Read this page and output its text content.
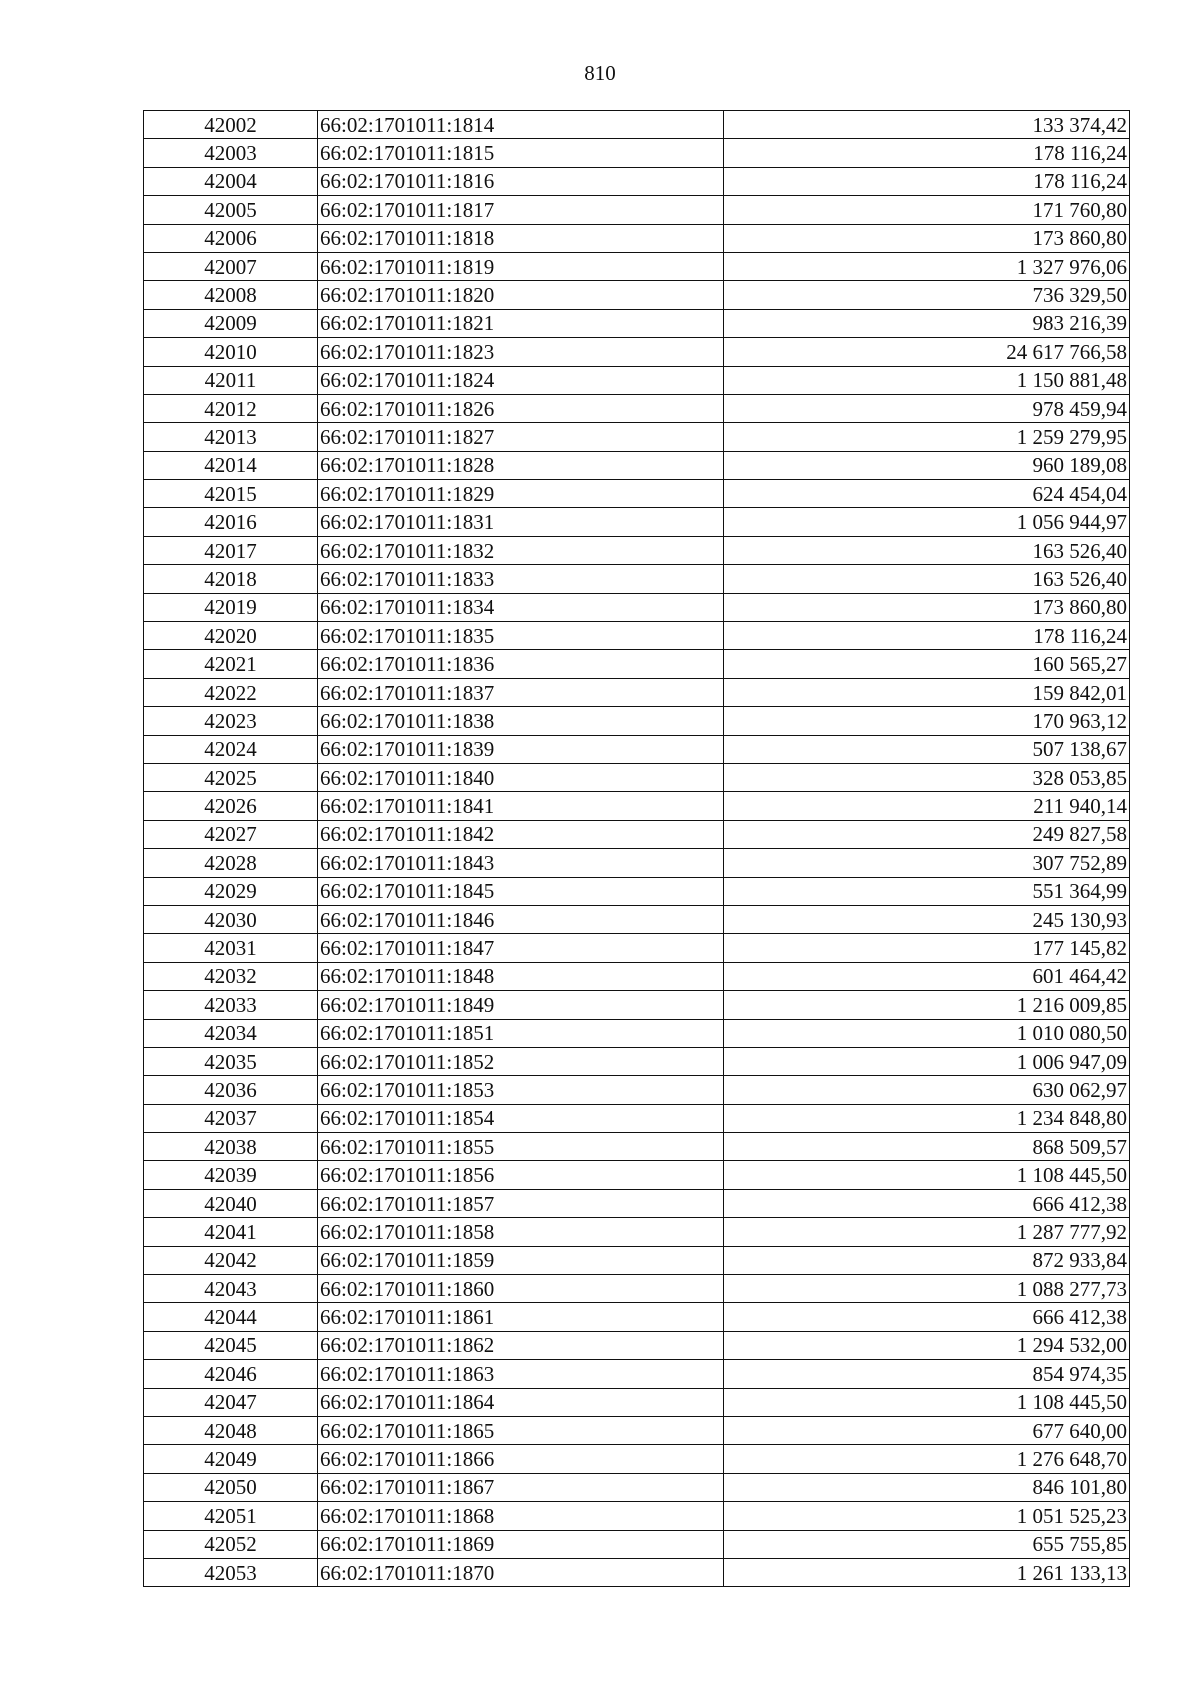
810
42002	66:02:1701011:1814	133 374,42
42003	66:02:1701011:1815	178 116,24
42004	66:02:1701011:1816	178 116,24
42005	66:02:1701011:1817	171 760,80
42006	66:02:1701011:1818	173 860,80
42007	66:02:1701011:1819	1 327 976,06
42008	66:02:1701011:1820	736 329,50
42009	66:02:1701011:1821	983 216,39
42010	66:02:1701011:1823	24 617 766,58
42011	66:02:1701011:1824	1 150 881,48
42012	66:02:1701011:1826	978 459,94
42013	66:02:1701011:1827	1 259 279,95
42014	66:02:1701011:1828	960 189,08
42015	66:02:1701011:1829	624 454,04
42016	66:02:1701011:1831	1 056 944,97
42017	66:02:1701011:1832	163 526,40
42018	66:02:1701011:1833	163 526,40
42019	66:02:1701011:1834	173 860,80
42020	66:02:1701011:1835	178 116,24
42021	66:02:1701011:1836	160 565,27
42022	66:02:1701011:1837	159 842,01
42023	66:02:1701011:1838	170 963,12
42024	66:02:1701011:1839	507 138,67
42025	66:02:1701011:1840	328 053,85
42026	66:02:1701011:1841	211 940,14
42027	66:02:1701011:1842	249 827,58
42028	66:02:1701011:1843	307 752,89
42029	66:02:1701011:1845	551 364,99
42030	66:02:1701011:1846	245 130,93
42031	66:02:1701011:1847	177 145,82
42032	66:02:1701011:1848	601 464,42
42033	66:02:1701011:1849	1 216 009,85
42034	66:02:1701011:1851	1 010 080,50
42035	66:02:1701011:1852	1 006 947,09
42036	66:02:1701011:1853	630 062,97
42037	66:02:1701011:1854	1 234 848,80
42038	66:02:1701011:1855	868 509,57
42039	66:02:1701011:1856	1 108 445,50
42040	66:02:1701011:1857	666 412,38
42041	66:02:1701011:1858	1 287 777,92
42042	66:02:1701011:1859	872 933,84
42043	66:02:1701011:1860	1 088 277,73
42044	66:02:1701011:1861	666 412,38
42045	66:02:1701011:1862	1 294 532,00
42046	66:02:1701011:1863	854 974,35
42047	66:02:1701011:1864	1 108 445,50
42048	66:02:1701011:1865	677 640,00
42049	66:02:1701011:1866	1 276 648,70
42050	66:02:1701011:1867	846 101,80
42051	66:02:1701011:1868	1 051 525,23
42052	66:02:1701011:1869	655 755,85
42053	66:02:1701011:1870	1 261 133,13
